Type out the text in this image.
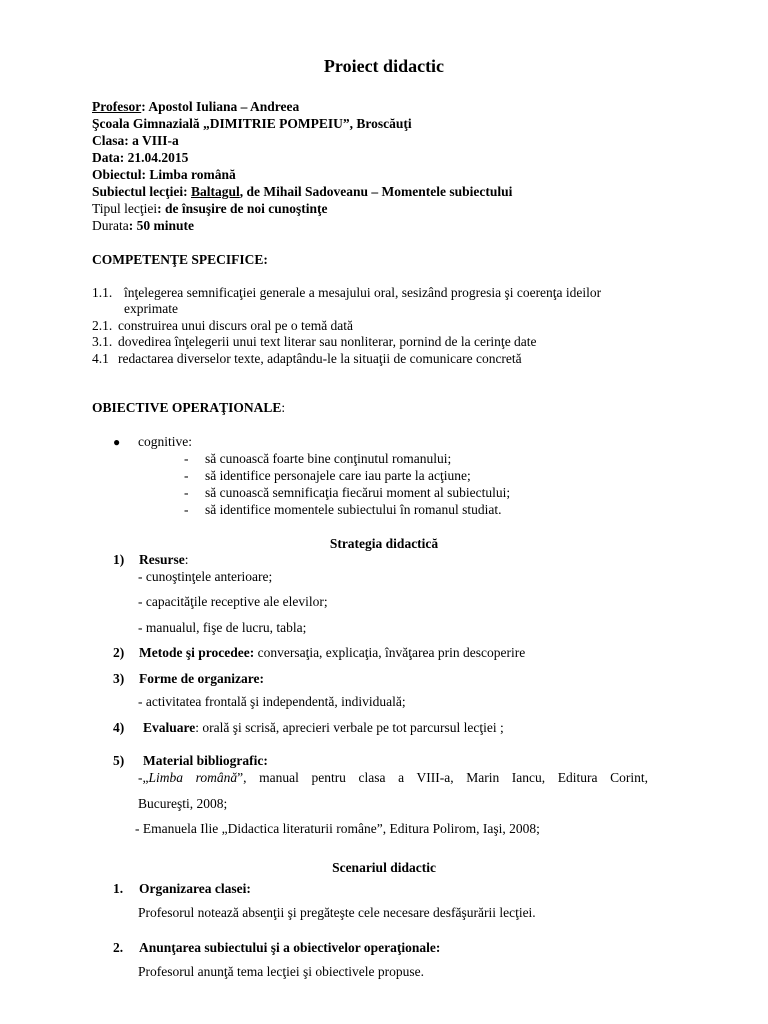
Proiect didactic
Profesor: Apostol Iuliana – Andreea
Şcoala Gimnazială „DIMITRIE POMPEIU”, Broscăuţi
Clasa: a VIII-a
Data: 21.04.2015
Obiectul: Limba română
Subiectul lecţiei: Baltagul, de Mihail Sadoveanu – Momentele subiectului
Tipul lecţiei: de însuşire de noi cunoştinţe
Durata: 50 minute
COMPETENŢE SPECIFICE:
1.1. înţelegerea semnificaţiei generale a mesajului oral, sesizând progresia şi coerenţa ideilor
exprimate
2.1. construirea unui discurs oral pe o temă dată
3.1. dovedirea înţelegerii unui text literar sau nonliterar, pornind de la cerinţe date
4.1 redactarea diverselor texte, adaptându-le la situaţii de comunicare concretă
OBIECTIVE OPERAŢIONALE:
● cognitive:
- să cunoască foarte bine conţinutul romanului;
- să identifice personajele care iau parte la acţiune;
- să cunoască semnificaţia fiecărui moment al subiectului;
- să identifice momentele subiectului în romanul studiat.
Strategia didactică
1) Resurse:
- cunoştinţele anterioare;
- capacităţile receptive ale elevilor;
- manualul, fişe de lucru, tabla;
2) Metode şi procedee: conversaţia, explicaţia, învăţarea prin descoperire
3) Forme de organizare:
- activitatea frontală şi independentă, individuală;
4) Evaluare: orală şi scrisă, aprecieri verbale pe tot parcursul lecţiei ;
5) Material bibliografic:
-„Limba română”, manual pentru clasa a VIII-a, Marin Iancu, Editura Corint,
Bucureşti, 2008;
- Emanuela Ilie „Didactica literaturii române”, Editura Polirom, Iaşi, 2008;
Scenariul didactic
1. Organizarea clasei:
Profesorul notează absenţii şi pregăteşte cele necesare desfăşurării lecţiei.
2. Anunţarea subiectului şi a obiectivelor operaţionale:
Profesorul anunţă tema lecţiei şi obiectivele propuse.
